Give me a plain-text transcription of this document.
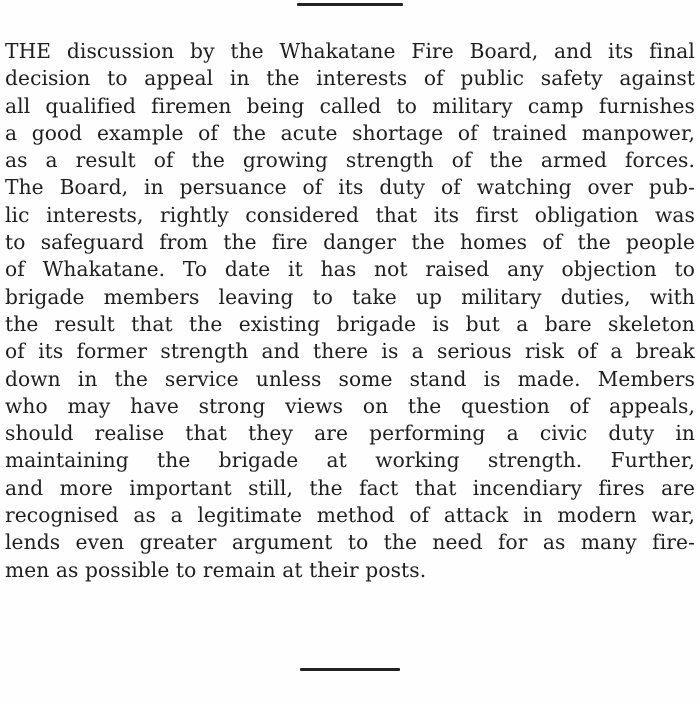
THE discussion by the Whakatane Fire Board, and its final
decision to appeal in the interests of public safety against
all qualified firemen being called to military camp furnishes
a good example of the acute shortage of trained manpower,
as a result of the growing strength of the armed forces.
The Board, in persuance of its duty of watching over pub-
lic interests, rightly considered that its first obligation was
to safeguard from the fire danger the homes of the people
of Whakatane. To date it has not raised any objection to
brigade members leaving to take up military duties, with
the result that the existing brigade is but a bare skeleton
of its former strength and there is a serious risk of a break
down in the service unless some stand is made. Members
who may have strong views on the question of appeals,
should realise that they are performing a civic duty in
maintaining the brigade at working strength. Further,
and more important still, the fact that incendiary fires are
recognised as a legitimate method of attack in modern war,
lends even greater argument to the need for as many fire-
men as possible to remain at their posts.
